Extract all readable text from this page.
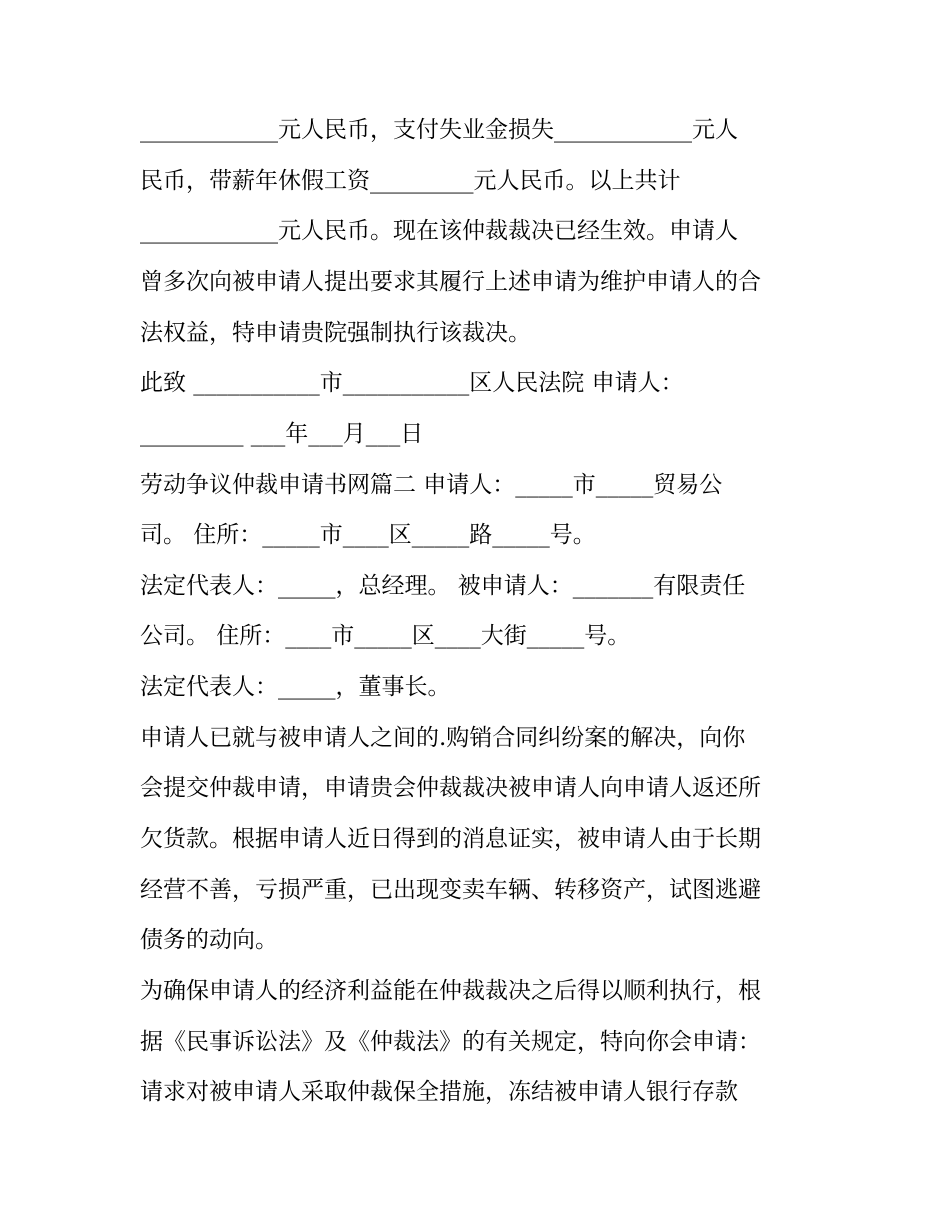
____________元人民币，支付失业金损失____________元人
民币，带薪年休假工资_________元人民币。以上共计
____________元人民币。现在该仲裁裁决已经生效。申请人
曾多次向被申请人提出要求其履行上述申请为维护申请人的合
法权益，特申请贵院强制执行该裁决。
此致 ___________市___________区人民法院 申请人：
_________ ___年___月___日
劳动争议仲裁申请书网篇二 申请人：_____市_____贸易公
司。 住所：_____市____区_____路_____号。
法定代表人：_____，总经理。 被申请人：_______有限责任
公司。 住所：____市_____区____大街_____号。
法定代表人：_____，董事长。
申请人已就与被申请人之间的.购销合同纠纷案的解决，向你
会提交仲裁申请，申请贵会仲裁裁决被申请人向申请人返还所
欠货款。根据申请人近日得到的消息证实，被申请人由于长期
经营不善，亏损严重，已出现变卖车辆、转移资产，试图逃避
债务的动向。
为确保申请人的经济利益能在仲裁裁决之后得以顺利执行，根
据《民事诉讼法》及《仲裁法》的有关规定，特向你会申请：
请求对被申请人采取仲裁保全措施，冻结被申请人银行存款
